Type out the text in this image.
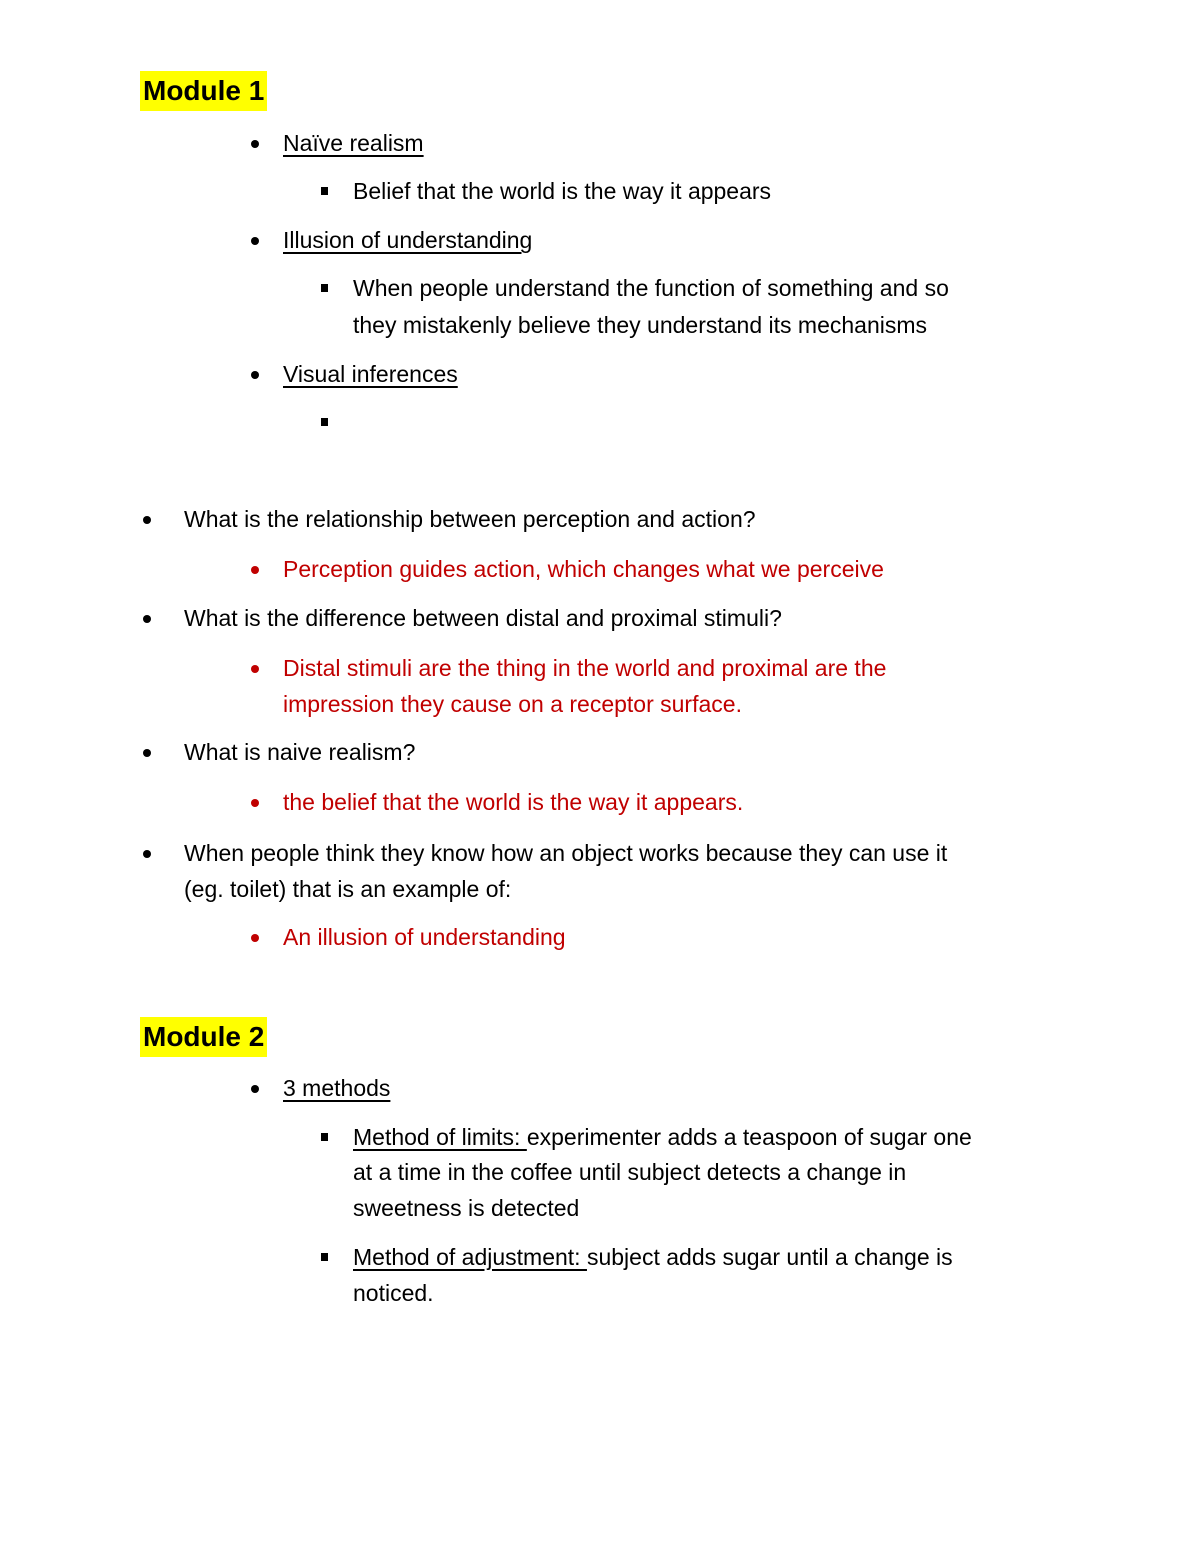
Module 1
Naïve realism
Belief that the world is the way it appears
Illusion of understanding
When people understand the function of something and so
they mistakenly believe they understand its mechanisms
Visual inferences
What is the relationship between perception and action?
Perception guides action, which changes what we perceive
What is the difference between distal and proximal stimuli?
Distal stimuli are the thing in the world and proximal are the
impression they cause on a receptor surface.
What is naive realism?
the belief that the world is the way it appears.
When people think they know how an object works because they can use it
(eg. toilet) that is an example of:
An illusion of understanding
Module 2
3 methods
Method of limits: experimenter adds a teaspoon of sugar one
at a time in the coffee until subject detects a change in
sweetness is detected
Method of adjustment: subject adds sugar until a change is
noticed.
